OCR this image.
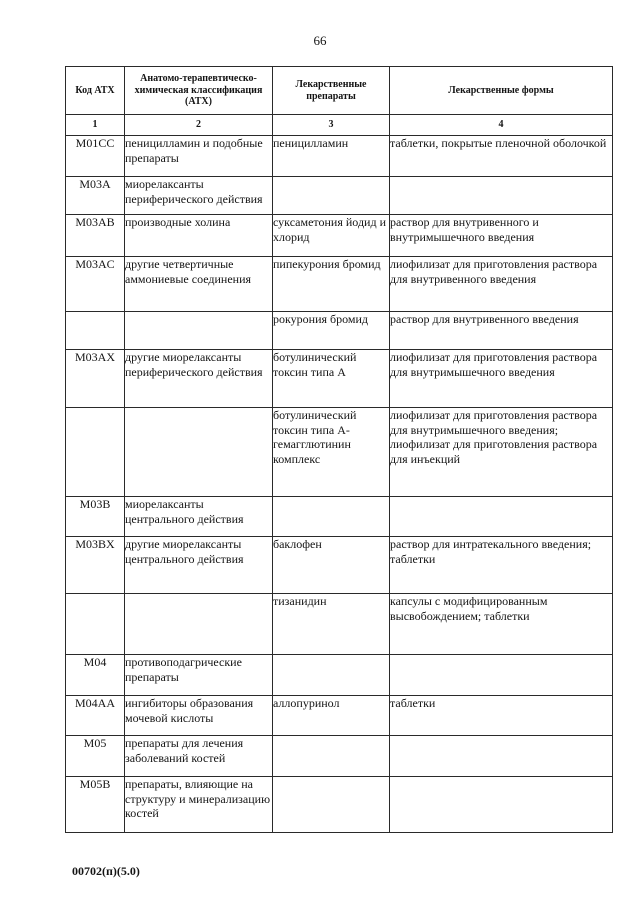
66
Код АТХ	Анатомо-терапевтическо-химическая классификация (АТХ)	Лекарственные препараты	Лекарственные формы
1	2	3	4
M01CC	пеницилламин и подобные препараты	пеницилламин	таблетки, покрытые пленочной оболочкой
M03A	миорелаксанты периферического действия		
M03AB	производные холина	суксаметония йодид и хлорид	раствор для внутривенного и внутримышечного введения
M03AC	другие четвертичные аммониевые соединения	пипекурония бромид	лиофилизат для приготовления раствора для внутривенного введения
		рокурония бромид	раствор для внутривенного введения
M03AX	другие миорелаксанты периферического действия	ботулинический токсин типа А	лиофилизат для приготовления раствора для внутримышечного введения
		ботулинический токсин типа А-гемагглютинин комплекс	лиофилизат для приготовления раствора для внутримышечного введения; лиофилизат для приготовления раствора для инъекций
M03B	миорелаксанты центрального действия		
M03BX	другие миорелаксанты центрального действия	баклофен	раствор для интратекального введения; таблетки
		тизанидин	капсулы с модифицированным высвобождением; таблетки
M04	противоподагрические препараты		
M04AA	ингибиторы образования мочевой кислоты	аллопуринол	таблетки
M05	препараты для лечения заболеваний костей		
M05B	препараты, влияющие на структуру и минерализацию костей		
00702(п)(5.0)
